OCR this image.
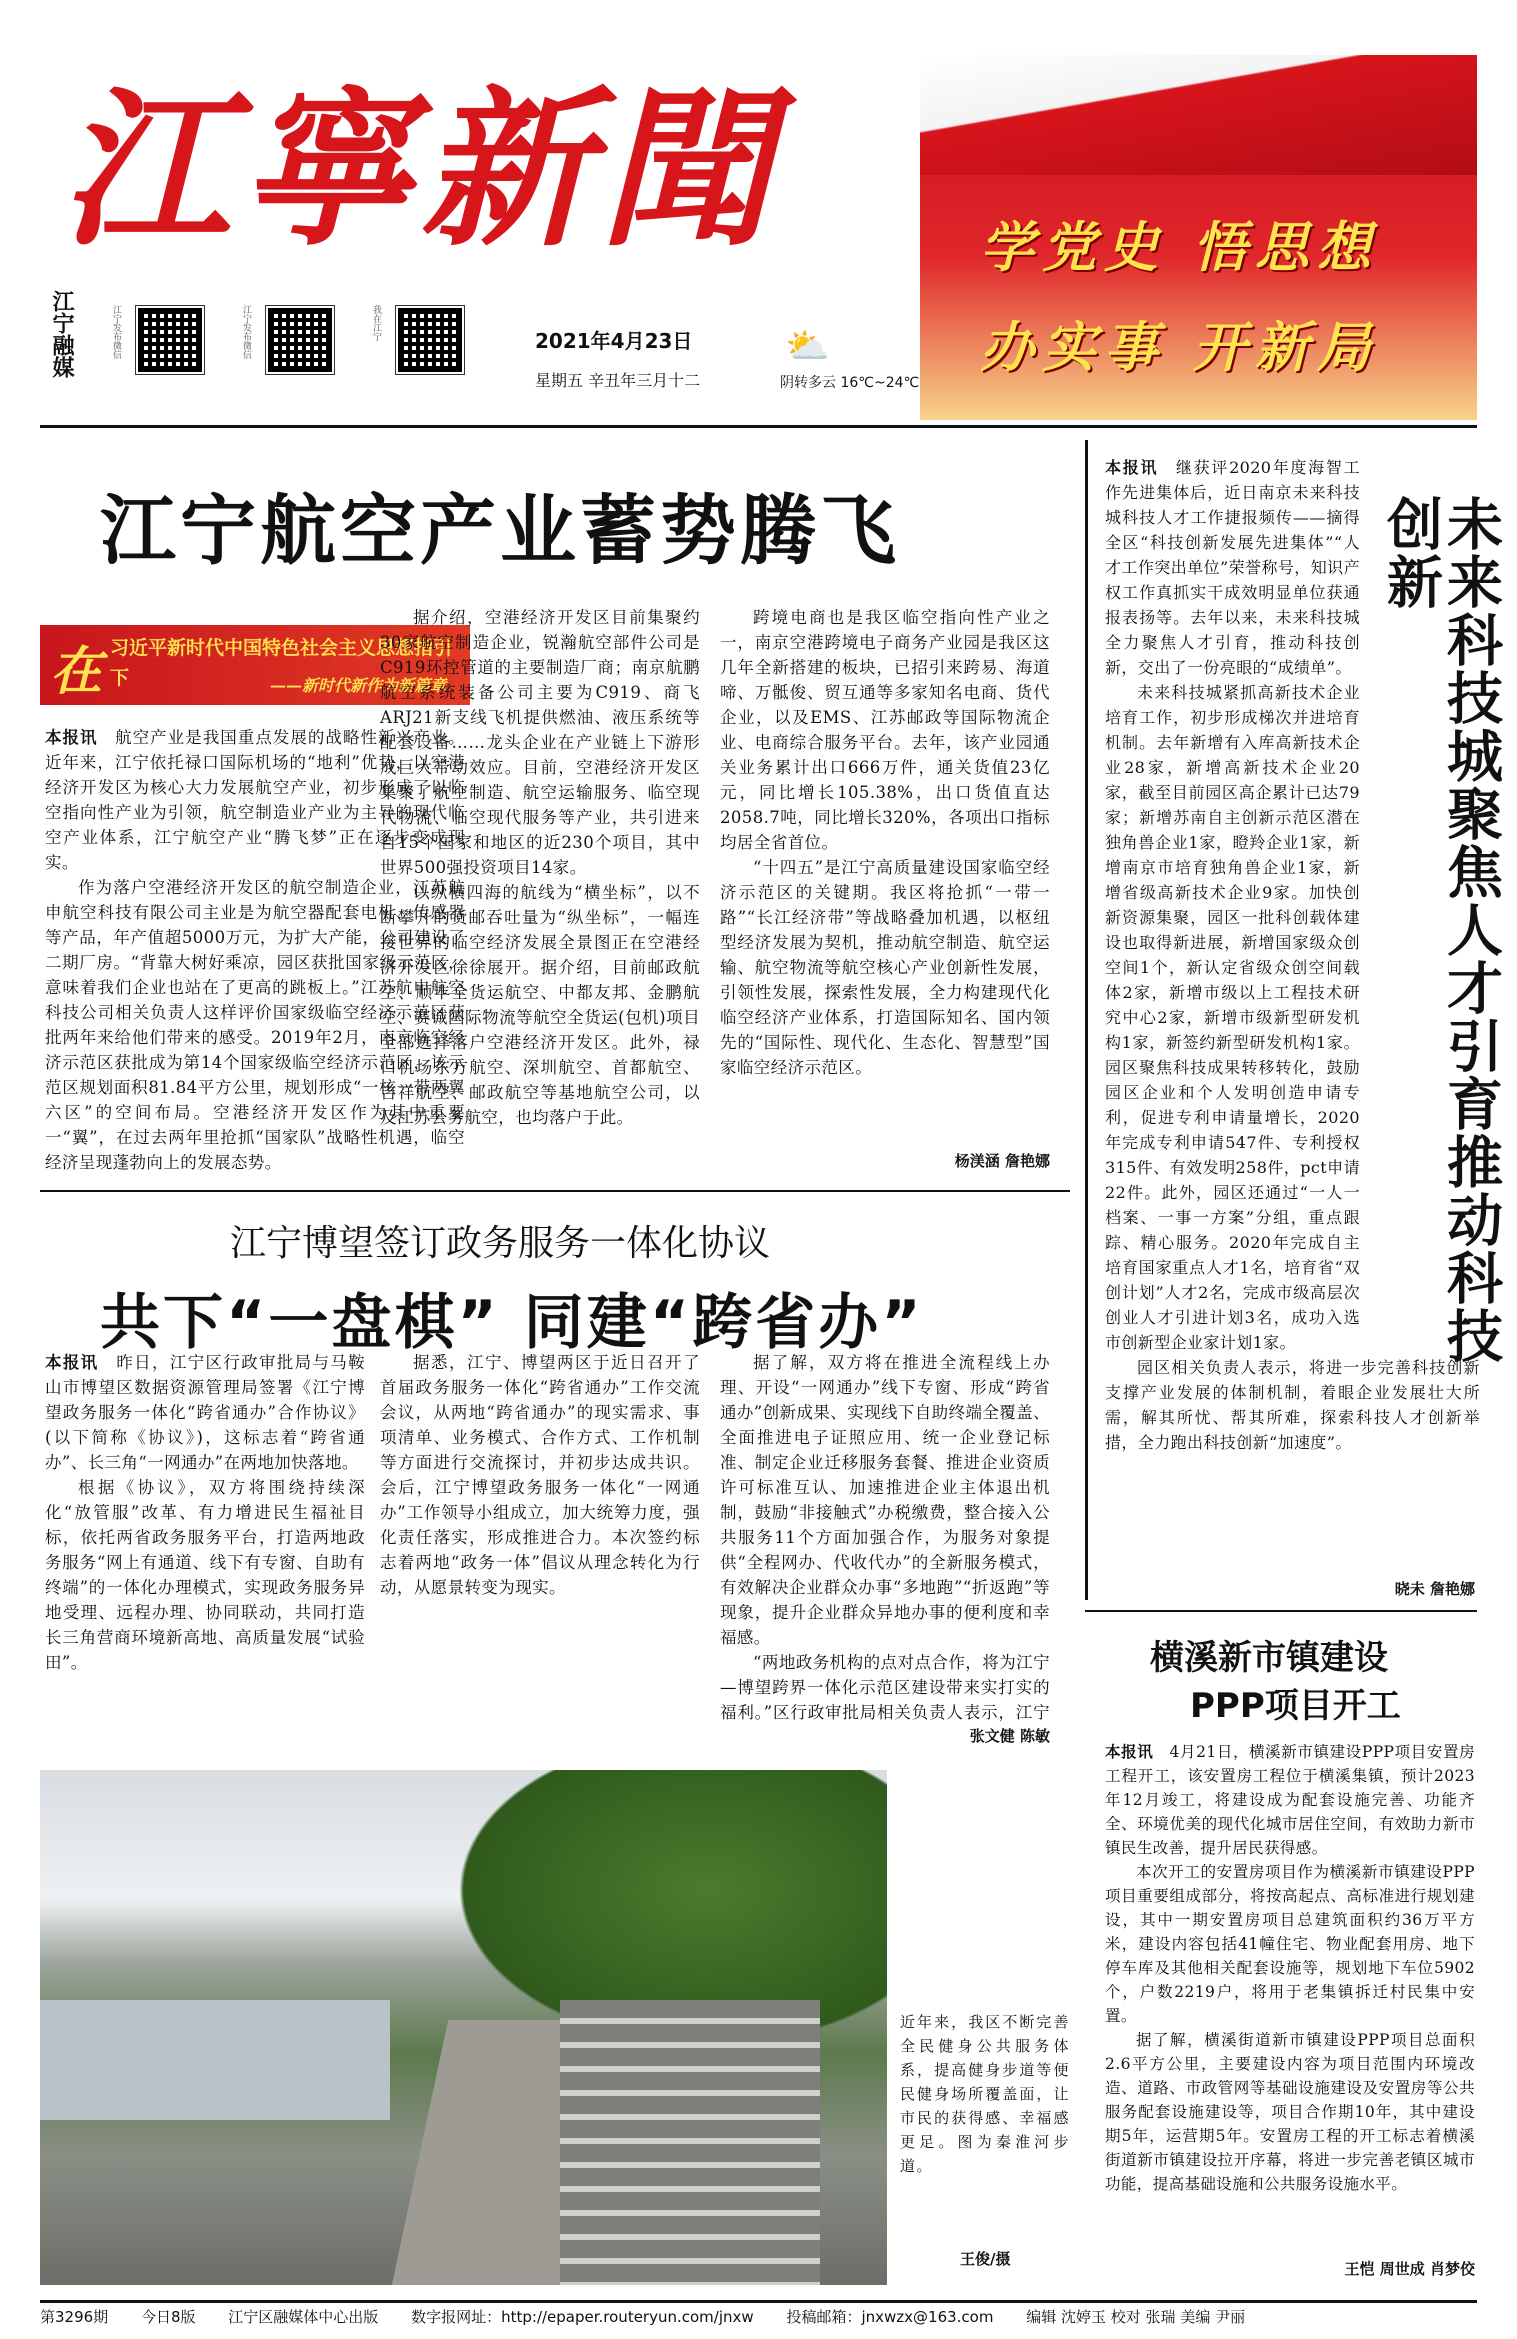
江寧新聞
江宁融媒	江宁发布微信	江宁发布微信	我在江宁	2021年4月23日
星期五 辛丑年三月十二
⛅
阴转多云 16℃~24℃
学党史 悟思想
办实事 开新局
江宁航空产业蓄势腾飞
在 习近平新时代中国特色社会主义思想指引下	——新时代新作为新篇章

本报讯　 航空产业是我国重点发展的战略性新兴产业。近年来，江宁依托禄口国际机场的“地利”优势，以空港经济开发区为核心大力发展航空产业，初步形成了以临空指向性产业为引领，航空制造业产业为主导的现代临空产业体系，江宁航空产业“腾飞梦”正在逐步变成现实。

作为落户空港经济开发区的航空制造企业，江苏航申航空科技有限公司主业是为航空器配套电机、传感器等产品，年产值超5000万元，为扩大产能，公司建设了二期厂房。“背靠大树好乘凉，园区获批国家级示范区，意味着我们企业也站在了更高的跳板上。”江苏航申航空科技公司相关负责人这样评价国家级临空经济示范区获批两年来给他们带来的感受。2019年2月，南京临空经济示范区获批成为第14个国家级临空经济示范区，该示范区规划面积81.84平方公里，规划形成“一核一带两翼六区”的空间布局。空港经济开发区作为其中重要一“翼”，在过去两年里抢抓“国家队”战略性机遇，临空经济呈现蓬勃向上的发展态势。

据介绍，空港经济开发区目前集聚约30家航空制造企业，锐瀚航空部件公司是C919环控管道的主要制造厂商；南京航鹏航空系统装备公司主要为C919、商飞ARJ21新支线飞机提供燃油、液压系统等配套设备……龙头企业在产业链上下游形成巨大带动效应。目前，空港经济开发区集聚了航空制造、航空运输服务、临空现代物流、临空现代服务等产业，共引进来自15个国家和地区的近230个项目，其中世界500强投资项目14家。

以纵横四海的航线为“横坐标”，以不断攀升的货邮吞吐量为“纵坐标”，一幅连接世界的临空经济发展全景图正在空港经济开发区徐徐展开。据介绍，目前邮政航空、顺丰全货运航空、中都友邦、金鹏航空、赛诚国际物流等航空全货运(包机)项目全部选择落户空港经济开发区。此外，禄口机场东方航空、深圳航空、首都航空、吉祥航空、邮政航空等基地航空公司，以及江苏公务航空，也均落户于此。

跨境电商也是我区临空指向性产业之一，南京空港跨境电子商务产业园是我区这几年全新搭建的板块，已招引来跨易、海道啼、万骶俊、贸互通等多家知名电商、货代企业，以及EMS、江苏邮政等国际物流企业、电商综合服务平台。去年，该产业园通关业务累计出口666万件，通关货值23亿元，同比增长105.38%，出口货值直达2058.7吨，同比增长320%，各项出口指标均居全省首位。

“十四五”是江宁高质量建设国家临空经济示范区的关键期。我区将抢抓“一带一路”“长江经济带”等战略叠加机遇，以枢纽型经济发展为契机，推动航空制造、航空运输、航空物流等航空核心产业创新性发展，引领性发展，探索性发展，全力构建现代化临空经济产业体系，打造国际知名、国内领先的“国际性、现代化、生态化、智慧型”国家临空经济示范区。

杨渼涵 詹艳娜
江宁博望签订政务服务一体化协议
共下“一盘棋” 同建“跨省办”

本报讯　 昨日，江宁区行政审批局与马鞍山市博望区数据资源管理局签署《江宁博望政务服务一体化“跨省通办”合作协议》(以下简称《协议》)，这标志着“跨省通办”、长三角“一网通办”在两地加快落地。

根据《协议》，双方将围绕持续深化“放管服”改革、有力增进民生福祉目标，依托两省政务服务平台，打造两地政务服务“网上有通道、线下有专窗、自助有终端”的一体化办理模式，实现政务服务异地受理、远程办理、协同联动，共同打造长三角营商环境新高地、高质量发展“试验田”。

据悉，江宁、博望两区于近日召开了首届政务服务一体化“跨省通办”工作交流会议，从两地“跨省通办”的现实需求、事项清单、业务模式、合作方式、工作机制等方面进行交流探讨，并初步达成共识。会后，江宁博望政务服务一体化“一网通办”工作领导小组成立，加大统筹力度，强化责任落实，形成推进合力。本次签约标志着两地“政务一体”倡议从理念转化为行动，从愿景转变为现实。

据了解，双方将在推进全流程线上办理、开设“一网通办”线下专窗、形成“跨省通办”创新成果、实现线下自助终端全覆盖、全面推进电子证照应用、统一企业登记标准、制定企业迁移服务套餐、推进企业资质许可标准互认、加速推进企业主体退出机制，鼓励“非接触式”办税缴费，整合接入公共服务11个方面加强合作，为服务对象提供“全程网办、代收代办”的全新服务模式，有效解决企业群众办事“多地跑”“折返跑”等现象，提升企业群众异地办事的便利度和幸福感。

“两地政务机构的点对点合作，将为江宁—博望跨界一体化示范区建设带来实打实的福利。”区行政审批局相关负责人表示，江宁

张文健 陈敏
未来科技城聚焦人才引育推动科技创新

本报讯　 继获评2020年度海智工作先进集体后，近日南京未来科技城科技人才工作捷报频传——摘得全区“科技创新发展先进集体”“人才工作突出单位”荣誉称号，知识产权工作真抓实干成效明显单位获通报表扬等。去年以来，未来科技城全力聚焦人才引育，推动科技创新，交出了一份亮眼的“成绩单”。

未来科技城紧抓高新技术企业培育工作，初步形成梯次并进培育机制。去年新增有入库高新技术企业28家，新增高新技术企业20家，截至目前园区高企累计已达79家；新增苏南自主创新示范区潜在独角兽企业1家，瞪羚企业1家，新增南京市培育独角兽企业1家，新增省级高新技术企业9家。加快创新资源集聚，园区一批科创载体建设也取得新进展，新增国家级众创空间1个，新认定省级众创空间载体2家，新增市级以上工程技术研究中心2家，新增市级新型研发机构1家，新签约新型研发机构1家。园区聚焦科技成果转移转化，鼓励园区企业和个人发明创造申请专利，促进专利申请量增长，2020年完成专利申请547件、专利授权315件、有效发明258件，pct申请22件。此外，园区还通过“一人一档案、一事一方案”分组，重点跟踪、精心服务。2020年完成自主培育国家重点人才1名，培育省“双创计划”人才2名，完成市级高层次创业人才引进计划3名，成功入选市创新型企业家计划1家。

园区相关负责人表示，将进一步完善科技创新支撑产业发展的体制机制，着眼企业发展壮大所需，解其所忧、帮其所难，探索科技人才创新举措，全力跑出科技创新“加速度”。

晓未 詹艳娜
横溪新市镇建设
PPP项目开工

本报讯　 4月21日，横溪新市镇建设PPP项目安置房工程开工，该安置房工程位于横溪集镇，预计2023年12月竣工，将建设成为配套设施完善、功能齐全、环境优美的现代化城市居住空间，有效助力新市镇民生改善，提升居民获得感。

本次开工的安置房项目作为横溪新市镇建设PPP项目重要组成部分，将按高起点、高标准进行规划建设，其中一期安置房项目总建筑面积约36万平方米，建设内容包括41幢住宅、物业配套用房、地下停车库及其他相关配套设施等，规划地下车位5902个，户数2219户，将用于老集镇拆迁村民集中安置。

据了解，横溪街道新市镇建设PPP项目总面积2.6平方公里，主要建设内容为项目范围内环境改造、道路、市政管网等基础设施建设及安置房等公共服务配套设施建设等，项目合作期10年，其中建设期5年，运营期5年。安置房工程的开工标志着横溪街道新市镇建设拉开序幕，将进一步完善老镇区城市功能，提高基础设施和公共服务设施水平。

王恺 周世成 肖梦佼
近年来，我区不断完善全民健身公共服务体系，提高健身步道等便民健身场所覆盖面，让市民的获得感、幸福感更足。图为秦淮河步道。
王俊/摄
第3296期 今日8版 江宁区融媒体中心出版 数字报网址：http://epaper.routeryun.com/jnxw 投稿邮箱：jnxwzx@163.com 编辑 沈婷玉 校对 张瑞 美编 尹丽
